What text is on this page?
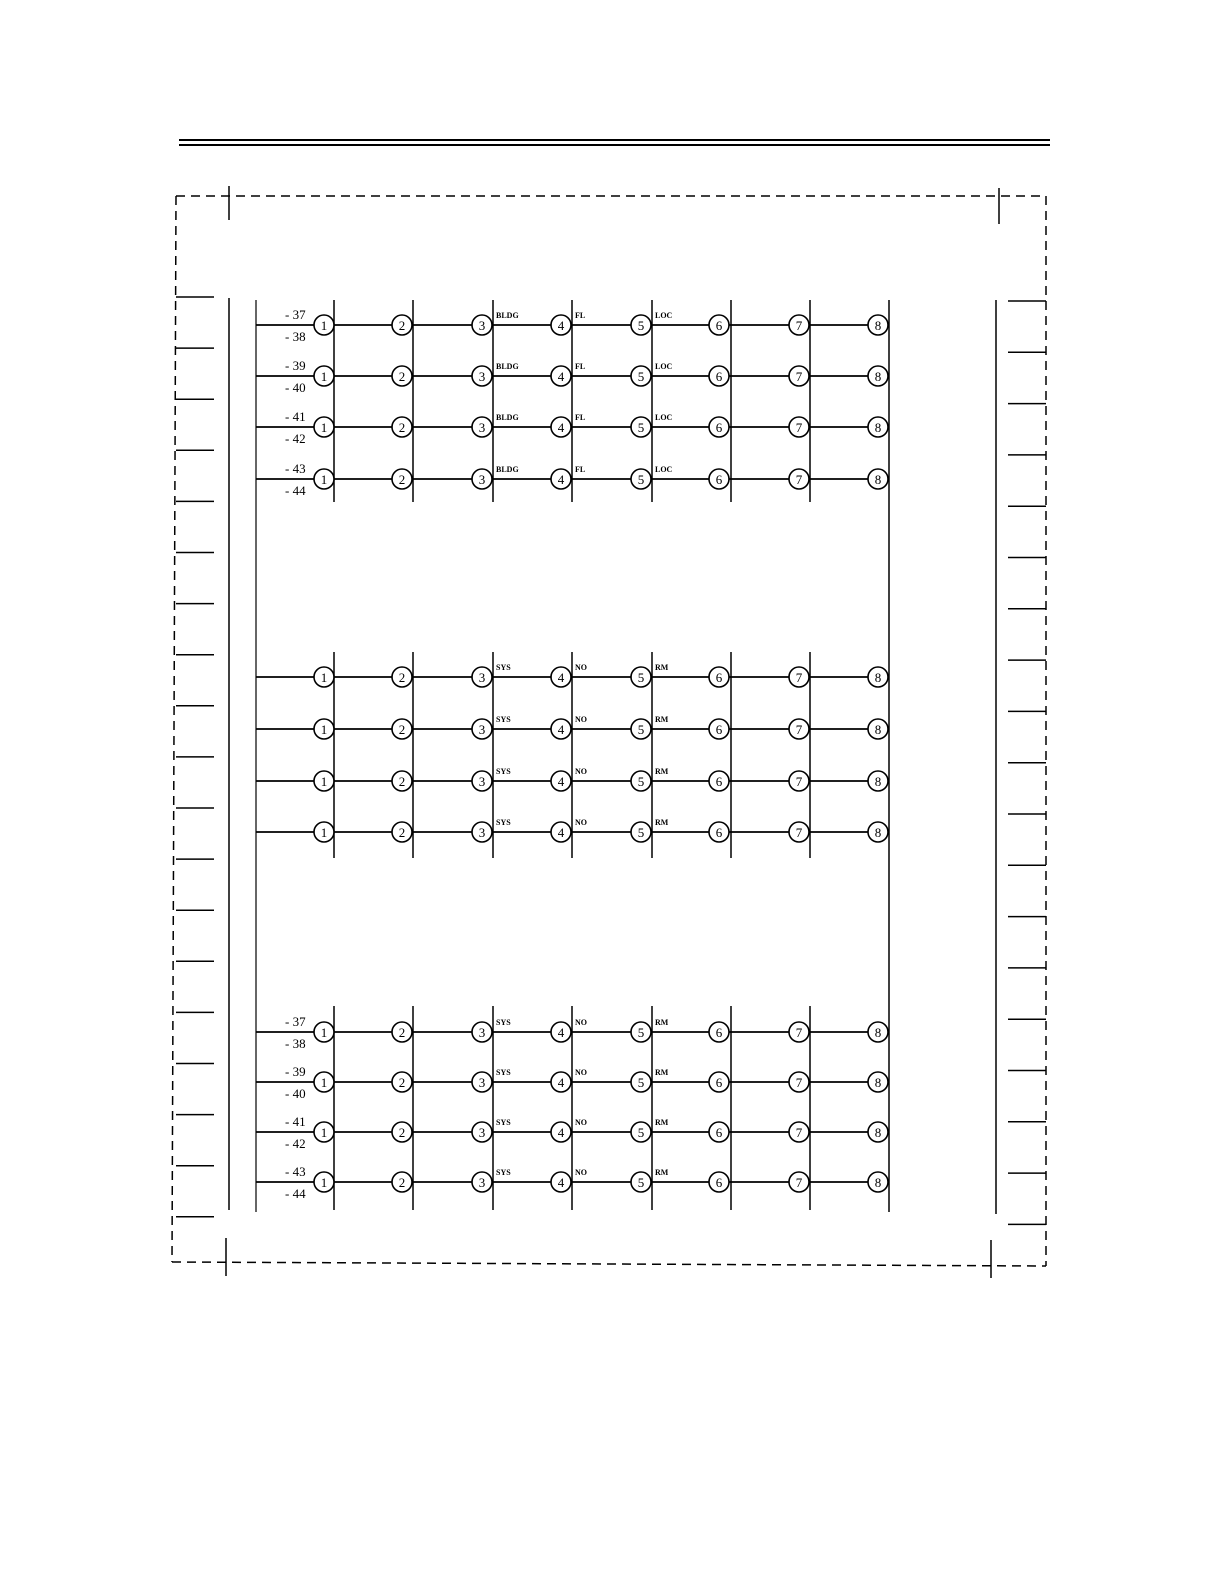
- 37
- 38
BLDG	FL	LOC
1	2	3	4	5	6	7	8
- 39
- 40
BLDG	FL	LOC
1	2	3	4	5	6	7	8
- 41
- 42
BLDG	FL	LOC
1	2	3	4	5	6	7	8
- 43
- 44
BLDG	FL	LOC
1	2	3	4	5	6	7	8
SYS	NO	RM
1	2	3	4	5	6	7	8
SYS	NO	RM
1	2	3	4	5	6	7	8
SYS	NO	RM
1	2	3	4	5	6	7	8
SYS	NO	RM
1	2	3	4	5	6	7	8
- 37
- 38
SYS	NO	RM
1	2	3	4	5	6	7	8
- 39
- 40
SYS	NO	RM
1	2	3	4	5	6	7	8
- 41
- 42
SYS	NO	RM
1	2	3	4	5	6	7	8
- 43
- 44
SYS	NO	RM
1	2	3	4	5	6	7	8
